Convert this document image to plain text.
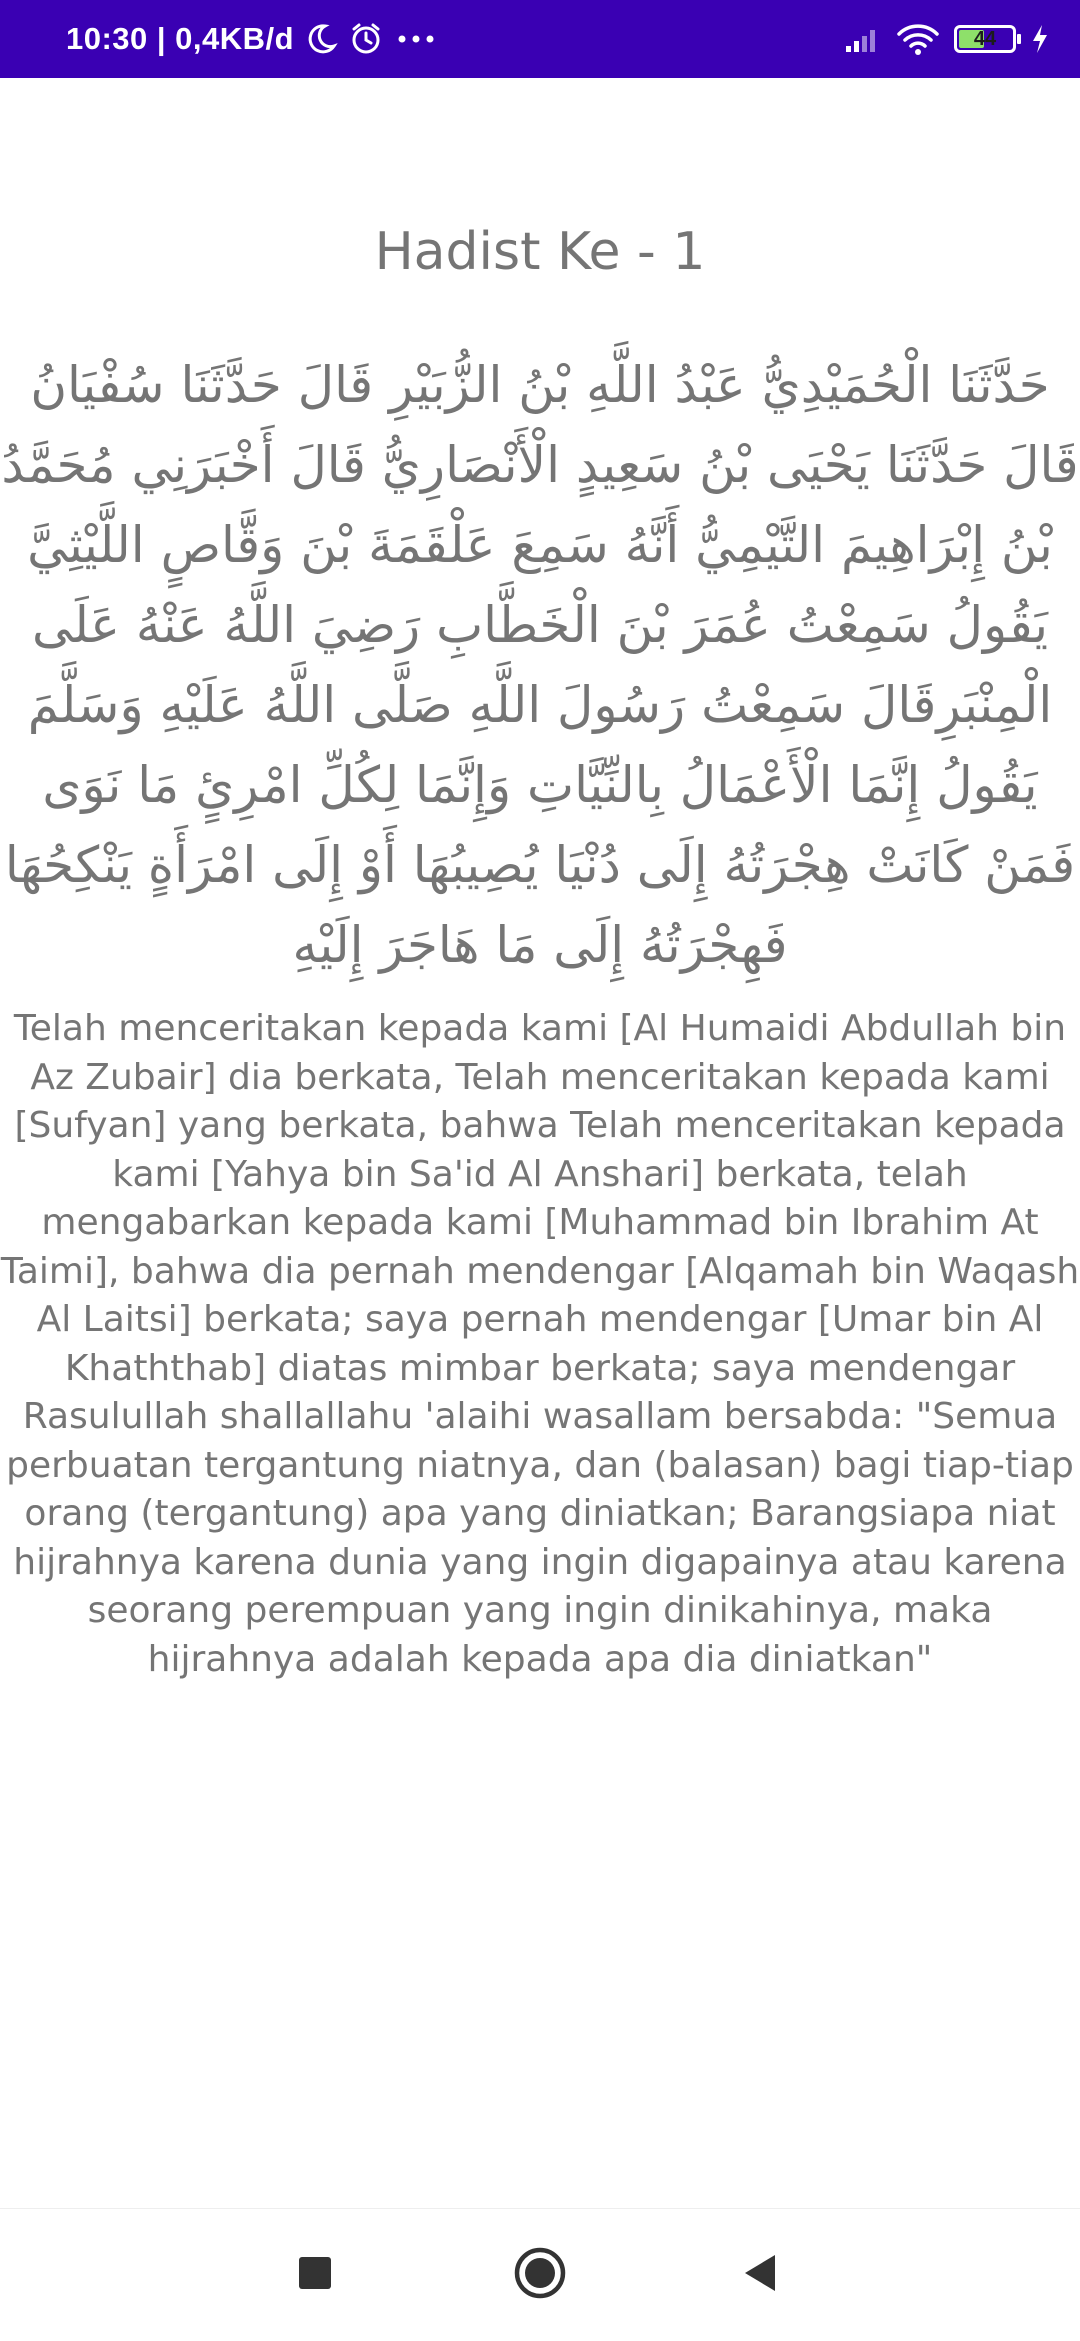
10:30 | 0,4KB/d	44
Hadist Ke - 1
حَدَّثَنَا الْحُمَيْدِيُّ عَبْدُ اللَّهِ بْنُ الزُّبَيْرِ قَالَ حَدَّثَنَا سُفْيَانُ قَالَ حَدَّثَنَا يَحْيَى بْنُ سَعِيدٍ الْأَنْصَارِيُّ قَالَ أَخْبَرَنِي مُحَمَّدُ بْنُ إِبْرَاهِيمَ التَّيْمِيُّ أَنَّهُ سَمِعَ عَلْقَمَةَ بْنَ وَقَّاصٍ اللَّيْثِيَّ يَقُولُ سَمِعْتُ عُمَرَ بْنَ الْخَطَّابِ رَضِيَ اللَّهُ عَنْهُ عَلَى الْمِنْبَرِقَالَ سَمِعْتُ رَسُولَ اللَّهِ صَلَّى اللَّهُ عَلَيْهِ وَسَلَّمَ يَقُولُ إِنَّمَا الْأَعْمَالُ بِالنِّيَّاتِ وَإِنَّمَا لِكُلِّ امْرِئٍ مَا نَوَى فَمَنْ كَانَتْ هِجْرَتُهُ إِلَى دُنْيَا يُصِيبُهَا أَوْ إِلَى امْرَأَةٍ يَنْكِحُهَا فَهِجْرَتُهُ إِلَى مَا هَاجَرَ إِلَيْهِ
Telah menceritakan kepada kami [Al Humaidi Abdullah bin Az Zubair] dia berkata, Telah menceritakan kepada kami [Sufyan] yang berkata, bahwa Telah menceritakan kepada kami [Yahya bin Sa'id Al Anshari] berkata, telah mengabarkan kepada kami [Muhammad bin Ibrahim At Taimi], bahwa dia pernah mendengar [Alqamah bin Waqash Al Laitsi] berkata; saya pernah mendengar [Umar bin Al Khaththab] diatas mimbar berkata; saya mendengar Rasulullah shallallahu 'alaihi wasallam bersabda: "Semua perbuatan tergantung niatnya, dan (balasan) bagi tiap-tiap orang (tergantung) apa yang diniatkan; Barangsiapa niat hijrahnya karena dunia yang ingin digapainya atau karena seorang perempuan yang ingin dinikahinya, maka hijrahnya adalah kepada apa dia diniatkan"
